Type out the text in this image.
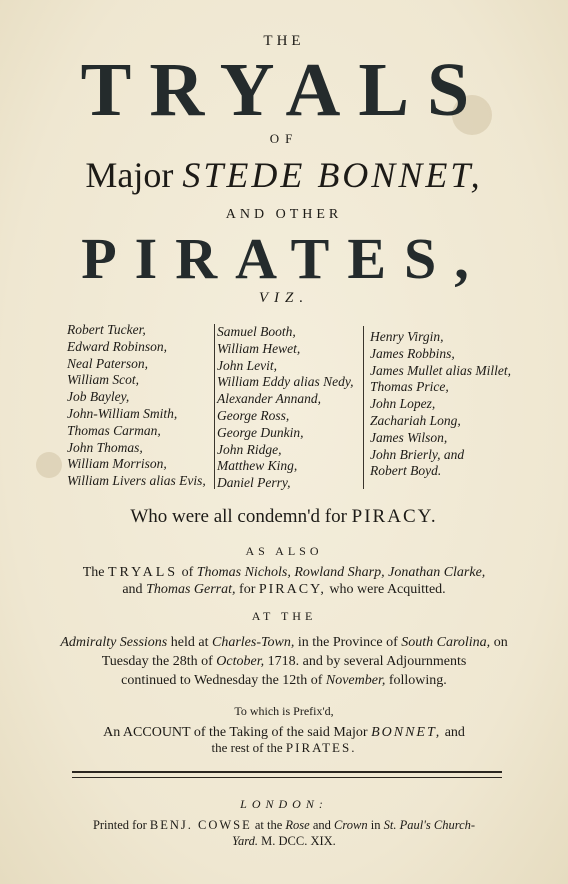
THE
TRYALS
OF
Major STEDE BONNET,
AND OTHER
PIRATES,
VIZ.
Robert Tucker,
Edward Robinson,
Neal Paterson,
William Scot,
Job Bayley,
John-William Smith,
Thomas Carman,
John Thomas,
William Morrison,
William Livers alias Evis,
Samuel Booth,
William Hewet,
John Levit,
William Eddy alias Nedy,
Alexander Annand,
George Ross,
George Dunkin,
John Ridge,
Matthew King,
Daniel Perry,
Henry Virgin,
James Robbins,
James Mullet alias Millet,
Thomas Price,
John Lopez,
Zachariah Long,
James Wilson,
John Brierly, and
Robert Boyd.
Who were all condemn'd for PIRACY.
AS ALSO
The TRYALS of Thomas Nichols, Rowland Sharp, Jonathan Clarke,
and Thomas Gerrat, for PIRACY, who were Acquitted.
AT THE
Admiralty Sessions held at Charles-Town, in the Province of South Carolina, on
Tuesday the 28th of October, 1718. and by several Adjournments
continued to Wednesday the 12th of November, following.
To which is Prefix'd,
An ACCOUNT of the Taking of the said Major BONNET, and
the rest of the PIRATES.
LONDON:
Printed for BENJ. COWSE at the Rose and Crown in St. Paul's Church-
Yard. M. DCC. XIX.
